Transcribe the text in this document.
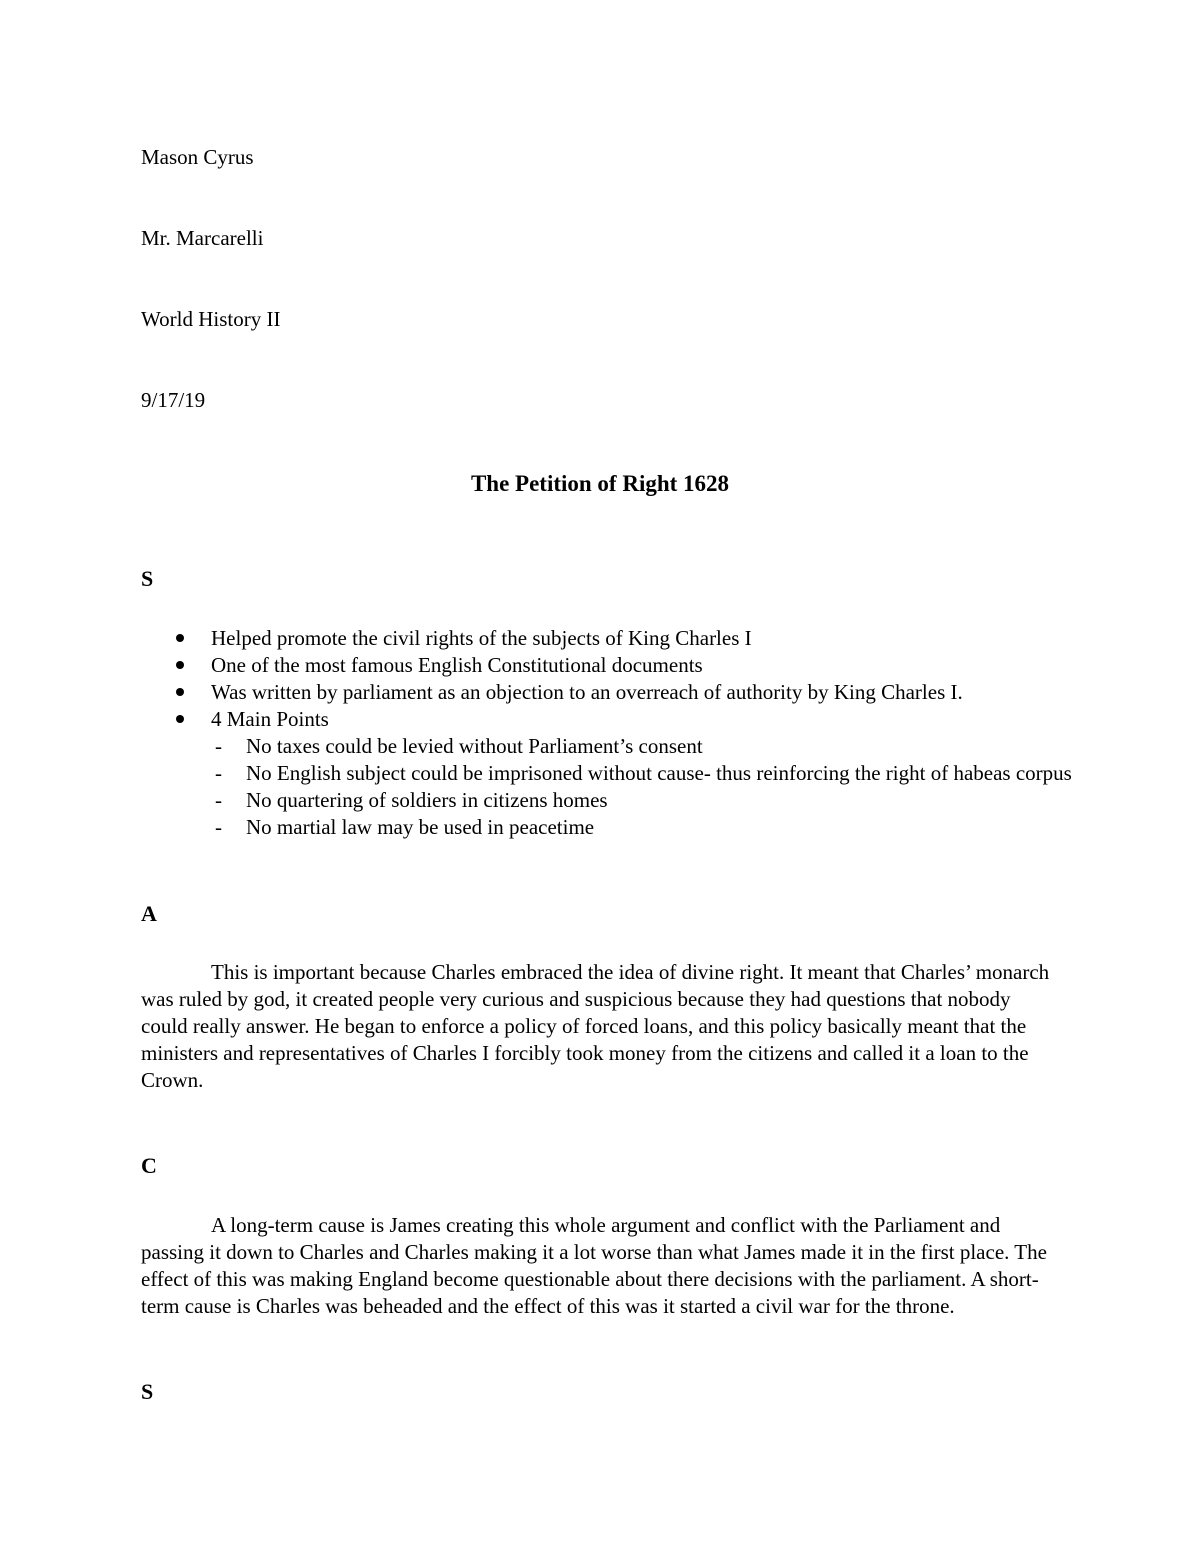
Mason Cyrus

Mr. Marcarelli

World History II

9/17/19

The Petition of Right 1628

S

Helped promote the civil rights of the subjects of King Charles I
One of the most famous English Constitutional documents
Was written by parliament as an objection to an overreach of authority by King Charles I.
4 Main Points
- No taxes could be levied without Parliament’s consent
- No English subject could be imprisoned without cause- thus reinforcing the right of habeas corpus
- No quartering of soldiers in citizens homes
- No martial law may be used in peacetime

A

This is important because Charles embraced the idea of divine right. It meant that Charles’ monarch was ruled by god, it created people very curious and suspicious because they had questions that nobody could really answer. He began to enforce a policy of forced loans, and this policy basically meant that the ministers and representatives of Charles I forcibly took money from the citizens and called it a loan to the Crown.

C

A long-term cause is James creating this whole argument and conflict with the Parliament and passing it down to Charles and Charles making it a lot worse than what James made it in the first place. The effect of this was making England become questionable about there decisions with the parliament. A short-term cause is Charles was beheaded and the effect of this was it started a civil war for the throne.

S
